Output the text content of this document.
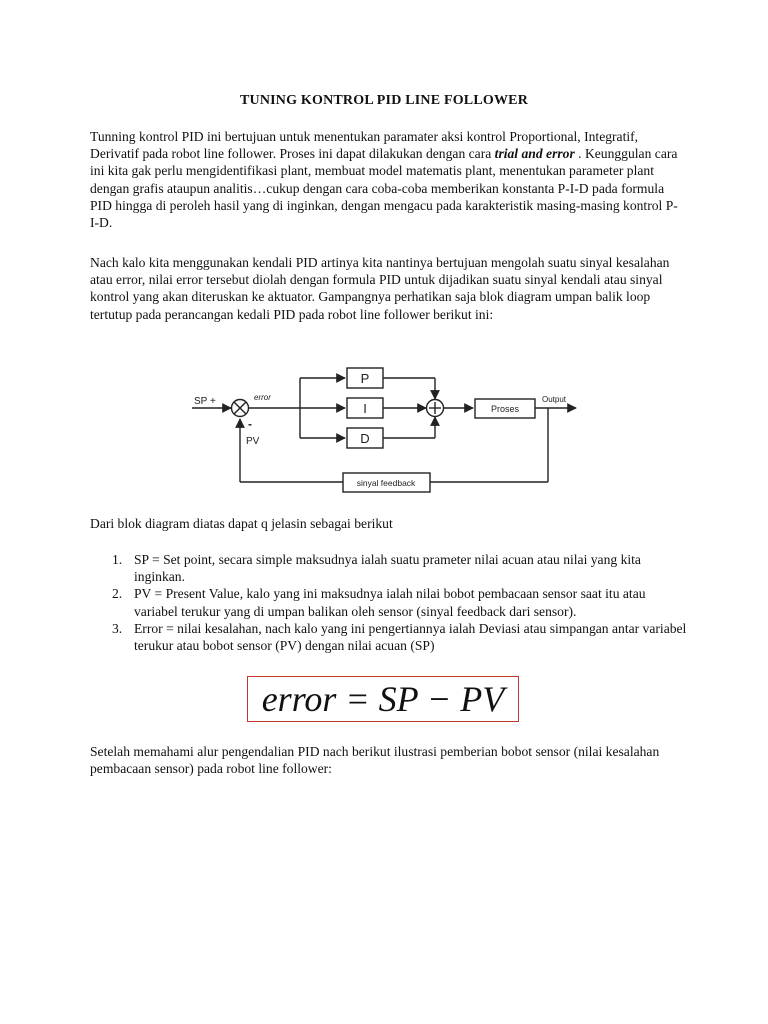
TUNING KONTROL PID LINE FOLLOWER

Tunning kontrol PID ini bertujuan untuk menentukan paramater aksi kontrol Proportional, Integratif, Derivatif pada robot line follower. Proses ini dapat dilakukan dengan cara trial and error . Keunggulan cara ini kita gak perlu mengidentifikasi plant, membuat model matematis plant, menentukan parameter plant dengan grafis ataupun analitis…cukup dengan cara coba-coba memberikan konstanta P-I-D pada formula PID hingga di peroleh hasil yang di inginkan, dengan mengacu pada karakteristik masing-masing kontrol P-I-D.

Nach kalo kita menggunakan kendali PID artinya kita nantinya bertujuan mengolah suatu sinyal kesalahan atau error, nilai error tersebut diolah dengan formula PID untuk dijadikan suatu sinyal kendali atau sinyal kontrol yang akan diteruskan ke aktuator. Gampangnya perhatikan saja blok diagram umpan balik loop tertutup pada perancangan kedali PID pada robot line follower berikut ini:

SP +	error
-
PV
P
I
D
Proses
Output
sinyal feedback

Dari blok diagram diatas dapat q jelasin sebagai berikut

1. SP = Set point, secara simple maksudnya ialah suatu prameter nilai acuan atau nilai yang kita inginkan.
2. PV = Present Value, kalo yang ini maksudnya ialah nilai bobot pembacaan sensor saat itu atau variabel terukur yang di umpan balikan oleh sensor (sinyal feedback dari sensor).
3. Error = nilai kesalahan, nach kalo yang ini pengertiannya ialah Deviasi atau simpangan antar variabel terukur atau bobot sensor (PV) dengan nilai acuan (SP)
error = SP − PV

Setelah memahami alur pengendalian PID nach berikut ilustrasi pemberian bobot sensor (nilai kesalahan pembacaan sensor) pada robot line follower:
